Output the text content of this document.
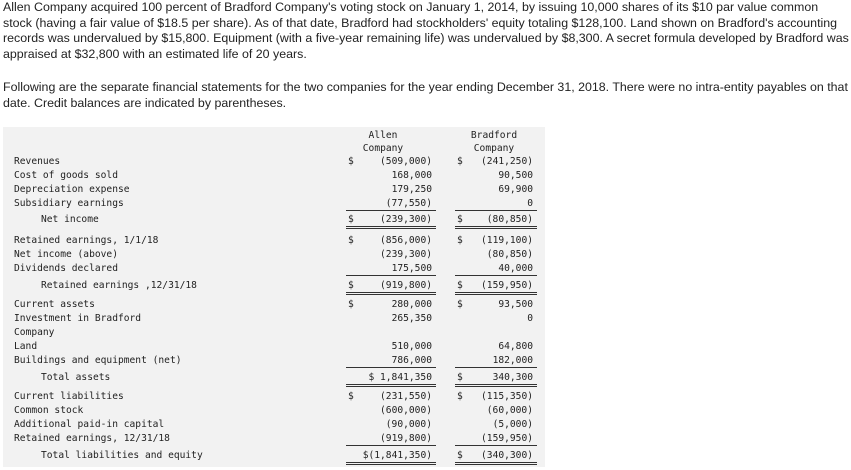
Allen Company acquired 100 percent of Bradford Company's voting stock on January 1, 2014, by issuing 10,000 shares of its $10 par value common stock (having a fair value of $18.5 per share). As of that date, Bradford had stockholders' equity totaling $128,100. Land shown on Bradford's accounting records was undervalued by $15,800. Equipment (with a five-year remaining life) was undervalued by $8,300. A secret formula developed by Bradford was appraised at $32,800 with an estimated life of 20 years.

Following are the separate financial statements for the two companies for the year ending December 31, 2018. There were no intra-entity payables on that date. Credit balances are indicated by parentheses.

Allen
Company
Bradford
Company
Revenues	$	(509,000)	$ (241,250)
Cost of goods sold	168,000	90,500
Depreciation expense	179,250	69,900
Subsidiary earnings	(77,550)	0
Net income	$	(239,300)	$	(80,850)
Retained earnings, 1/1/18	$	(856,000)	$ (119,100)
Net income (above)	(239,300)	(80,850)
Dividends declared	175,500	40,000
Retained earnings ,12/31/18	$	(919,800)	$ (159,950)
Current assets	$	280,000	$	93,500
Investment in Bradford	265,350	0
Company
Land	510,000	64,800
Buildings and equipment (net)	786,000	182,000
Total assets	$ 1,841,350	$	340,300
Current liabilities	$	(231,550)	$ (115,350)
Common stock	(600,000)	(60,000)
Additional paid-in capital	(90,000)	(5,000)
Retained earnings, 12/31/18	(919,800)	(159,950)
Total liabilities and equity	$(1,841,350)	$ (340,300)
